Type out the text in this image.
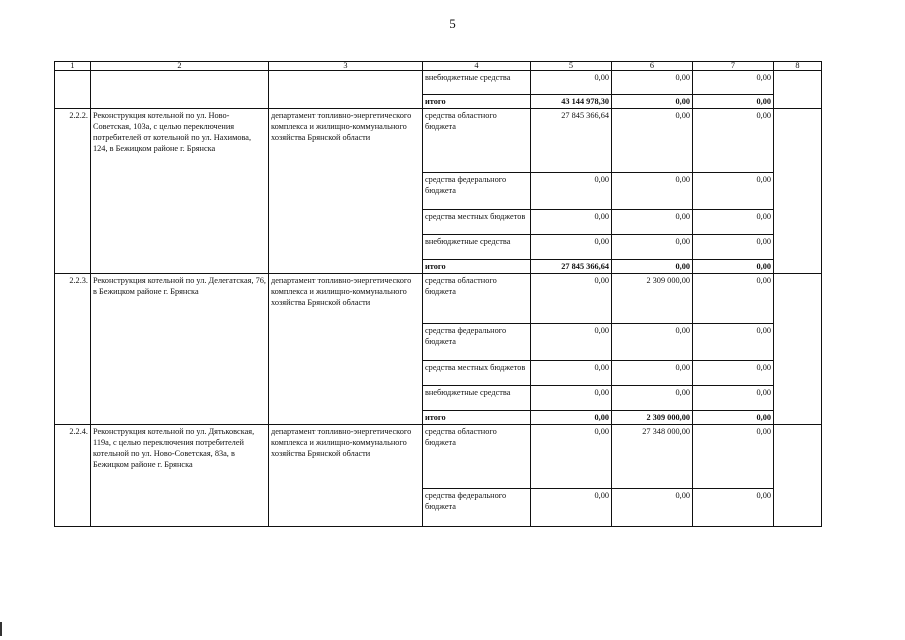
5
1	2	3	4	5	6	7	8
			внебюджетные средства	0,00	0,00	0,00	
			итого	43 144 978,30	0,00	0,00	
2.2.2.	Реконструкция котельной по ул. Ново-Советская, 103а, с целью переключения потребителей от котельной по ул. Нахимова, 124, в Бежицком районе г. Брянска	департамент топливно-энергетического комплекса и жилищно-коммунального хозяйства Брянской области	средства областного бюджета	27 845 366,64	0,00	0,00	
			средства федерального бюджета	0,00	0,00	0,00	
			средства местных бюджетов	0,00	0,00	0,00	
			внебюджетные средства	0,00	0,00	0,00	
			итого	27 845 366,64	0,00	0,00	
2.2.3.	Реконструкция котельной по ул. Делегатская, 76, в Бежицком районе г. Брянска	департамент топливно-энергетического комплекса и жилищно-коммунального хозяйства Брянской области	средства областного бюджета	0,00	2 309 000,00	0,00	
			средства федерального бюджета	0,00	0,00	0,00	
			средства местных бюджетов	0,00	0,00	0,00	
			внебюджетные средства	0,00	0,00	0,00	
			итого	0,00	2 309 000,00	0,00	
2.2.4.	Реконструкция котельной по ул. Дятьковская, 119а, с целью переключения потребителей котельной по ул. Ново-Советская, 83а, в Бежицком районе г. Брянска	департамент топливно-энергетического комплекса и жилищно-коммунального хозяйства Брянской области	средства областного бюджета	0,00	27 348 000,00	0,00	
			средства федерального бюджета	0,00	0,00	0,00	
